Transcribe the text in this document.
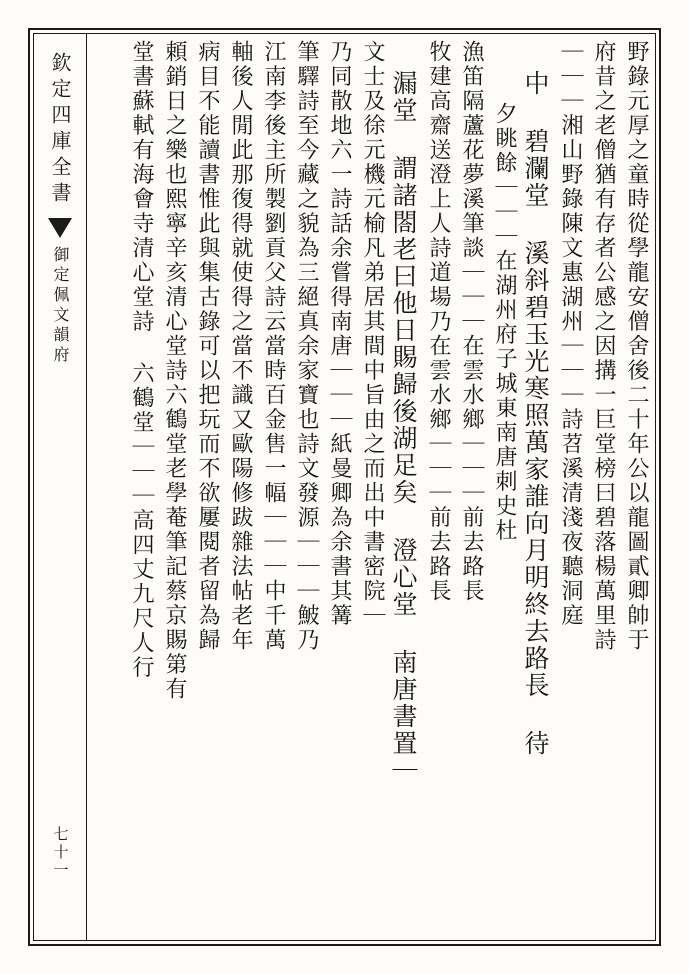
欽定四庫全書
御定佩文韻府
七十一
野錄元厚之童時從學龍安僧舍後二十年公以龍圖貳卿帥于
府昔之老僧猶有存者公感之因搆一巨堂榜曰碧落楊萬里詩
｜｜｜湘山野錄陳文惠湖州｜｜｜詩苕溪清淺夜聽洞庭
中 碧瀾堂 溪斜碧玉光寒照萬家誰向月明終去路長 待
夕眺餘｜｜｜在湖州府子城東南唐刺史杜
漁笛隔蘆花夢溪筆談｜｜｜在雲水鄉｜｜｜前去路長
牧建高齋送澄上人詩道場乃在雲水鄉｜｜｜前去路長
漏堂 謂諸閤老曰他日賜歸後湖足矣 澄心堂 南唐書置｜
文士及徐元機元榆凡弟居其間中旨由之而出中書密院｜
乃同散地六一詩話余嘗得南唐｜｜｜紙曼卿為余書其篝
筆驛詩至今藏之貌為三絕真余家寶也詩文發源｜｜｜鮍乃
江南李後主所製劉貢父詩云當時百金售一幅｜｜｜中千萬
軸後人閒此那復得就使得之當不識又歐陽修跋雜法帖老年
病目不能讀書惟此與集古錄可以把玩而不欲屢閱者留為歸
頼銷日之樂也熙寧辛亥清心堂詩六鶴堂老學菴筆記蔡京賜第有
堂書蘇軾有海會寺清心堂詩 六鶴堂｜｜｜高四丈九尺人行
